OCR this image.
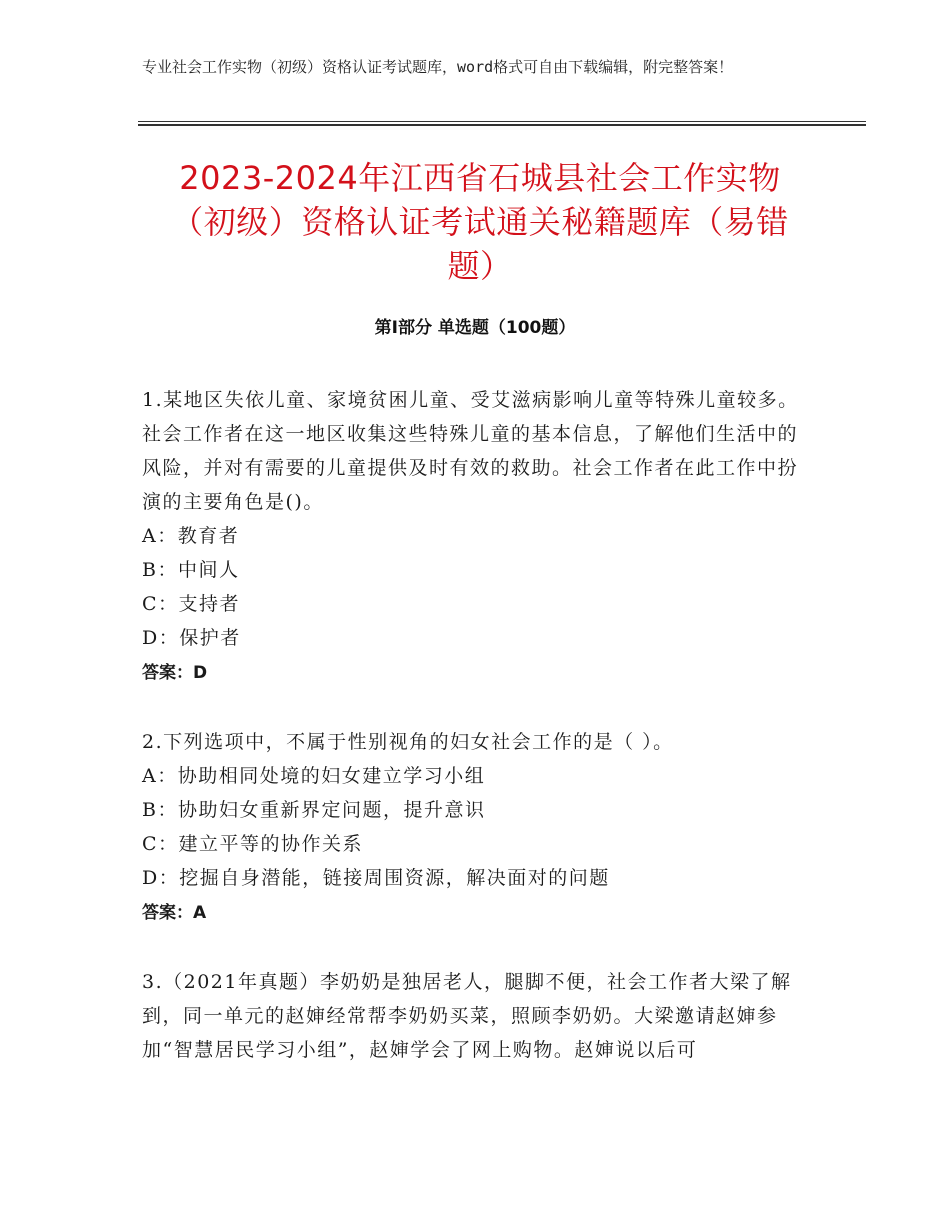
专业社会工作实物（初级）资格认证考试题库，word格式可自由下载编辑，附完整答案！
2023-2024年江西省石城县社会工作实物（初级）资格认证考试通关秘籍题库（易错题）
第Ⅰ部分 单选题（100题）

1.某地区失依儿童、家境贫困儿童、受艾滋病影响儿童等特殊儿童较多。社会工作者在这一地区收集这些特殊儿童的基本信息，了解他们生活中的风险，并对有需要的儿童提供及时有效的救助。社会工作者在此工作中扮演的主要角色是()。

A：教育者

B：中间人

C：支持者

D：保护者

答案：D

2.下列选项中，不属于性别视角的妇女社会工作的是（ ）。

A：协助相同处境的妇女建立学习小组

B：协助妇女重新界定问题，提升意识

C：建立平等的协作关系

D：挖掘自身潜能，链接周围资源，解决面对的问题

答案：A

3.（2021年真题）李奶奶是独居老人，腿脚不便，社会工作者大梁了解到，同一单元的赵婶经常帮李奶奶买菜，照顾李奶奶。大梁邀请赵婶参加“智慧居民学习小组”，赵婶学会了网上购物。赵婶说以后可
